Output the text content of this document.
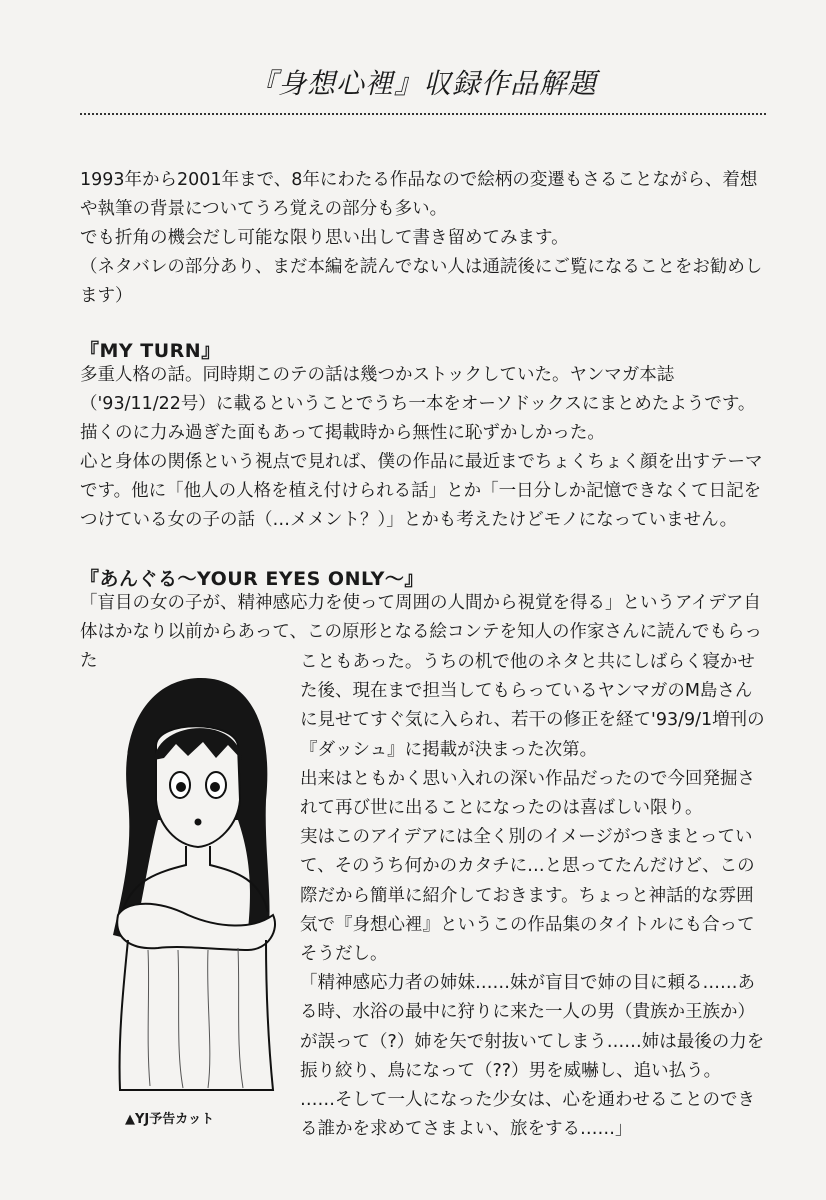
『身想心裡』収録作品解題

1993年から2001年まで、8年にわたる作品なので絵柄の変遷もさることながら、着想や執筆の背景についてうろ覚えの部分も多い。

でも折角の機会だし可能な限り思い出して書き留めてみます。

（ネタバレの部分あり、まだ本編を読んでない人は通読後にご覧になることをお勧めします）

『MY TURN』

多重人格の話。同時期このテの話は幾つかストックしていた。ヤンマガ本誌（'93/11/22号）に載るということでうち一本をオーソドックスにまとめたようです。描くのに力み過ぎた面もあって掲載時から無性に恥ずかしかった。

心と身体の関係という視点で見れば、僕の作品に最近までちょくちょく顔を出すテーマです。他に「他人の人格を植え付けられる話」とか「一日分しか記憶できなくて日記をつけている女の子の話（…メメント？）」とかも考えたけどモノになっていません。

『あんぐる〜YOUR EYES ONLY〜』

「盲目の女の子が、精神感応力を使って周囲の人間から視覚を得る」というアイデア自体はかなり以前からあって、この原形となる絵コンテを知人の作家さんに読んでもらった	こともあった。うちの机で他のネタと共にしばらく寝かせた後、現在まで担当してもらっているヤンマガのM島さんに見せてすぐ気に入られ、若干の修正を経て'93/9/1増刊の『ダッシュ』に掲載が決まった次第。

出来はともかく思い入れの深い作品だったので今回発掘されて再び世に出ることになったのは喜ばしい限り。

実はこのアイデアには全く別のイメージがつきまとっていて、そのうち何かのカタチに…と思ってたんだけど、この際だから簡単に紹介しておきます。ちょっと神話的な雰囲気で『身想心裡』というこの作品集のタイトルにも合ってそうだし。

「精神感応力者の姉妹……妹が盲目で姉の目に頼る……ある時、水浴の最中に狩りに来た一人の男（貴族か王族か）が誤って（?）姉を矢で射抜いてしまう……姉は最後の力を振り絞り、鳥になって（??）男を威嚇し、追い払う。

……そして一人になった少女は、心を通わせることのできる誰かを求めてさまよい、旅をする……」

▲YJ予告カット
